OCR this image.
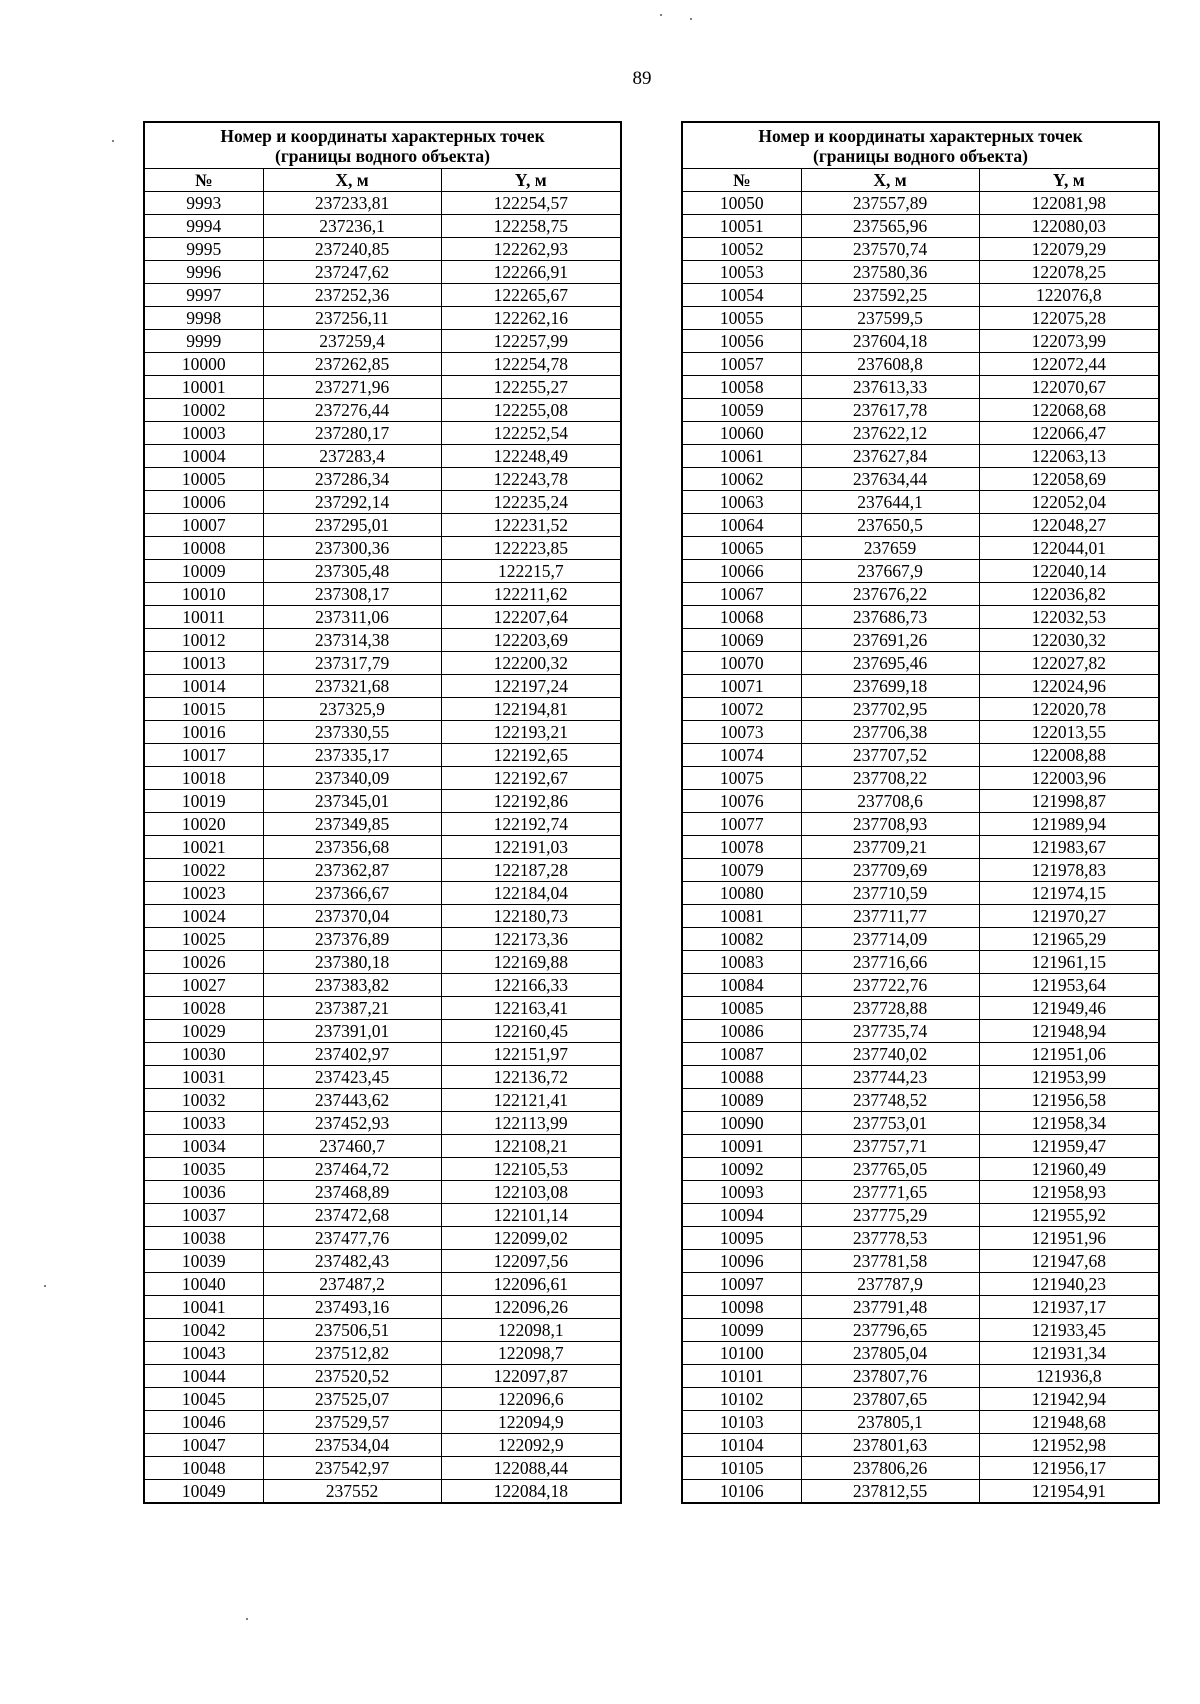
89
Номер и координаты характерных точек
(границы водного объекта)		

№	X, м	Y, м
9993	237233,81	122254,57
9994	237236,1	122258,75
9995	237240,85	122262,93
9996	237247,62	122266,91
9997	237252,36	122265,67
9998	237256,11	122262,16
9999	237259,4	122257,99
10000	237262,85	122254,78
10001	237271,96	122255,27
10002	237276,44	122255,08
10003	237280,17	122252,54
10004	237283,4	122248,49
10005	237286,34	122243,78
10006	237292,14	122235,24
10007	237295,01	122231,52
10008	237300,36	122223,85
10009	237305,48	122215,7
10010	237308,17	122211,62
10011	237311,06	122207,64
10012	237314,38	122203,69
10013	237317,79	122200,32
10014	237321,68	122197,24
10015	237325,9	122194,81
10016	237330,55	122193,21
10017	237335,17	122192,65
10018	237340,09	122192,67
10019	237345,01	122192,86
10020	237349,85	122192,74
10021	237356,68	122191,03
10022	237362,87	122187,28
10023	237366,67	122184,04
10024	237370,04	122180,73
10025	237376,89	122173,36
10026	237380,18	122169,88
10027	237383,82	122166,33
10028	237387,21	122163,41
10029	237391,01	122160,45
10030	237402,97	122151,97
10031	237423,45	122136,72
10032	237443,62	122121,41
10033	237452,93	122113,99
10034	237460,7	122108,21
10035	237464,72	122105,53
10036	237468,89	122103,08
10037	237472,68	122101,14
10038	237477,76	122099,02
10039	237482,43	122097,56
10040	237487,2	122096,61
10041	237493,16	122096,26
10042	237506,51	122098,1
10043	237512,82	122098,7
10044	237520,52	122097,87
10045	237525,07	122096,6
10046	237529,57	122094,9
10047	237534,04	122092,9
10048	237542,97	122088,44
10049	237552	122084,18
Номер и координаты характерных точек
(границы водного объекта)		

№	X, м	Y, м
10050	237557,89	122081,98
10051	237565,96	122080,03
10052	237570,74	122079,29
10053	237580,36	122078,25
10054	237592,25	122076,8
10055	237599,5	122075,28
10056	237604,18	122073,99
10057	237608,8	122072,44
10058	237613,33	122070,67
10059	237617,78	122068,68
10060	237622,12	122066,47
10061	237627,84	122063,13
10062	237634,44	122058,69
10063	237644,1	122052,04
10064	237650,5	122048,27
10065	237659	122044,01
10066	237667,9	122040,14
10067	237676,22	122036,82
10068	237686,73	122032,53
10069	237691,26	122030,32
10070	237695,46	122027,82
10071	237699,18	122024,96
10072	237702,95	122020,78
10073	237706,38	122013,55
10074	237707,52	122008,88
10075	237708,22	122003,96
10076	237708,6	121998,87
10077	237708,93	121989,94
10078	237709,21	121983,67
10079	237709,69	121978,83
10080	237710,59	121974,15
10081	237711,77	121970,27
10082	237714,09	121965,29
10083	237716,66	121961,15
10084	237722,76	121953,64
10085	237728,88	121949,46
10086	237735,74	121948,94
10087	237740,02	121951,06
10088	237744,23	121953,99
10089	237748,52	121956,58
10090	237753,01	121958,34
10091	237757,71	121959,47
10092	237765,05	121960,49
10093	237771,65	121958,93
10094	237775,29	121955,92
10095	237778,53	121951,96
10096	237781,58	121947,68
10097	237787,9	121940,23
10098	237791,48	121937,17
10099	237796,65	121933,45
10100	237805,04	121931,34
10101	237807,76	121936,8
10102	237807,65	121942,94
10103	237805,1	121948,68
10104	237801,63	121952,98
10105	237806,26	121956,17
10106	237812,55	121954,91
